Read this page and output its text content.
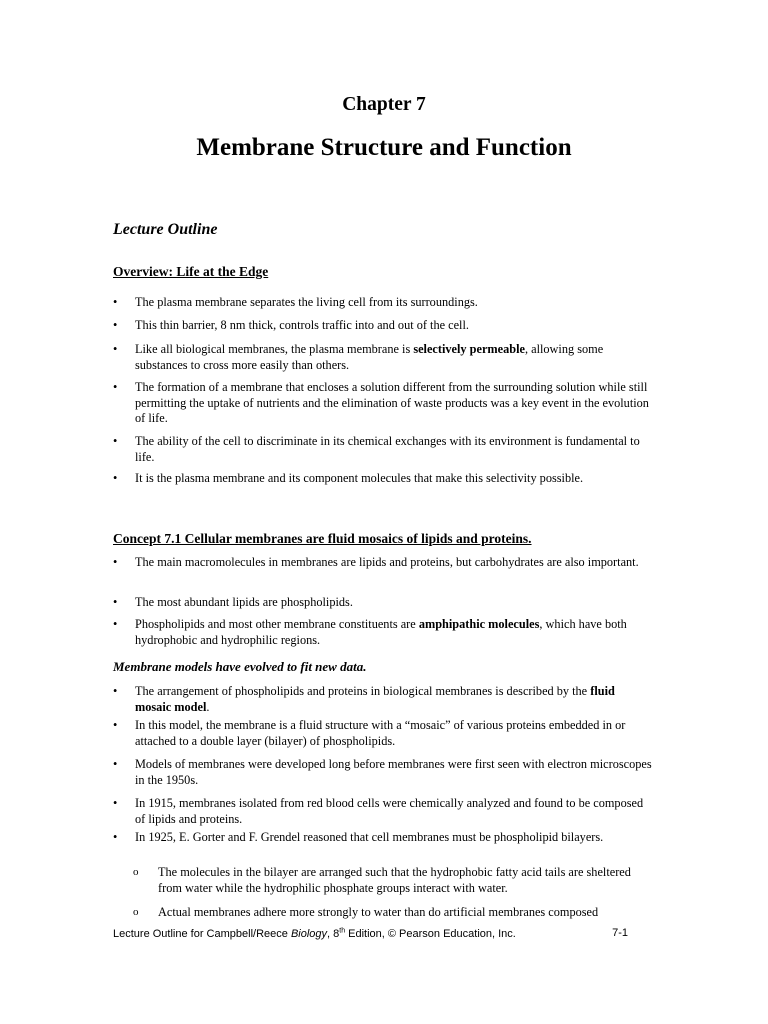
Chapter 7
Membrane Structure and Function
Lecture Outline
Overview: Life at the Edge
• The plasma membrane separates the living cell from its surroundings.
• This thin barrier, 8 nm thick, controls traffic into and out of the cell.
• Like all biological membranes, the plasma membrane is selectively permeable, allowing some substances to cross more easily than others.
• The formation of a membrane that encloses a solution different from the surrounding solution while still permitting the uptake of nutrients and the elimination of waste products was a key event in the evolution of life.
• The ability of the cell to discriminate in its chemical exchanges with its environment is fundamental to life.
• It is the plasma membrane and its component molecules that make this selectivity possible.
Concept 7.1 Cellular membranes are fluid mosaics of lipids and proteins.
• The main macromolecules in membranes are lipids and proteins, but carbohydrates are also important.
• The most abundant lipids are phospholipids.
• Phospholipids and most other membrane constituents are amphipathic molecules, which have both hydrophobic and hydrophilic regions.
Membrane models have evolved to fit new data.
• The arrangement of phospholipids and proteins in biological membranes is described by the fluid mosaic model.
• In this model, the membrane is a fluid structure with a “mosaic” of various proteins embedded in or attached to a double layer (bilayer) of phospholipids.
• Models of membranes were developed long before membranes were first seen with electron microscopes in the 1950s.
• In 1915, membranes isolated from red blood cells were chemically analyzed and found to be composed of lipids and proteins.
• In 1925, E. Gorter and F. Grendel reasoned that cell membranes must be phospholipid bilayers.
o The molecules in the bilayer are arranged such that the hydrophobic fatty acid tails are sheltered from water while the hydrophilic phosphate groups interact with water.
o Actual membranes adhere more strongly to water than do artificial membranes composed
Lecture Outline for Campbell/Reece Biology, 8th Edition, © Pearson Education, Inc.	7-1
